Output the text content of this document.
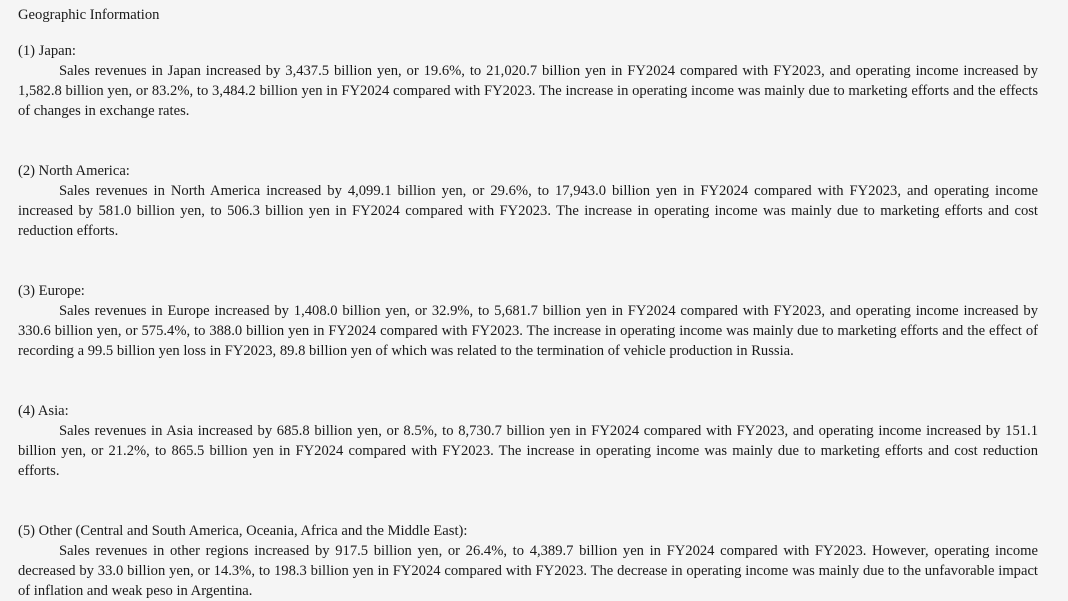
Geographic Information
(1) Japan:

Sales revenues in Japan increased by 3,437.5 billion yen, or 19.6%, to 21,020.7 billion yen in FY2024 compared with FY2023, and operating income increased by 1,582.8 billion yen, or 83.2%, to 3,484.2 billion yen in FY2024 compared with FY2023. The increase in operating income was mainly due to marketing efforts and the effects of changes in exchange rates.

(2) North America:

Sales revenues in North America increased by 4,099.1 billion yen, or 29.6%, to 17,943.0 billion yen in FY2024 compared with FY2023, and operating income increased by 581.0 billion yen, to 506.3 billion yen in FY2024 compared with FY2023. The increase in operating income was mainly due to marketing efforts and cost reduction efforts.

(3) Europe:

Sales revenues in Europe increased by 1,408.0 billion yen, or 32.9%, to 5,681.7 billion yen in FY2024 compared with FY2023, and operating income increased by 330.6 billion yen, or 575.4%, to 388.0 billion yen in FY2024 compared with FY2023. The increase in operating income was mainly due to marketing efforts and the effect of recording a 99.5 billion yen loss in FY2023, 89.8 billion yen of which was related to the termination of vehicle production in Russia.

(4) Asia:

Sales revenues in Asia increased by 685.8 billion yen, or 8.5%, to 8,730.7 billion yen in FY2024 compared with FY2023, and operating income increased by 151.1 billion yen, or 21.2%, to 865.5 billion yen in FY2024 compared with FY2023. The increase in operating income was mainly due to marketing efforts and cost reduction efforts.

(5) Other (Central and South America, Oceania, Africa and the Middle East):

Sales revenues in other regions increased by 917.5 billion yen, or 26.4%, to 4,389.7 billion yen in FY2024 compared with FY2023. However, operating income decreased by 33.0 billion yen, or 14.3%, to 198.3 billion yen in FY2024 compared with FY2023. The decrease in operating income was mainly due to the unfavorable impact of inflation and weak peso in Argentina.
